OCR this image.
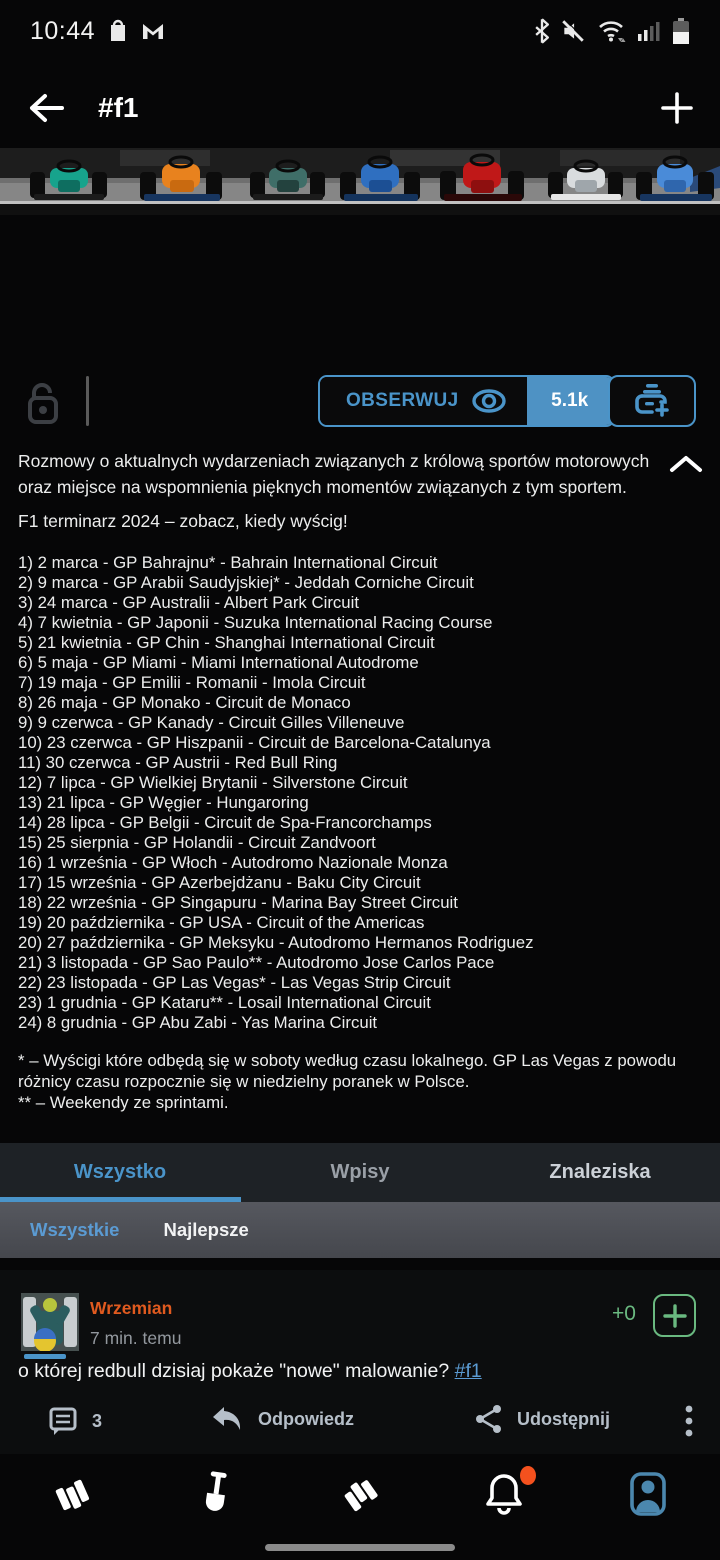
10:44
#f1
OBSERWUJ	5.1k
Rozmowy o aktualnych wydarzeniach związanych z królową sportów motorowych oraz miejsce na wspomnienia pięknych momentów związanych z tym sportem.
F1 terminarz 2024 – zobacz, kiedy wyścig!
1) 2 marca - GP Bahrajnu* - Bahrain International Circuit
2) 9 marca - GP Arabii Saudyjskiej* - Jeddah Corniche Circuit
3) 24 marca - GP Australii - Albert Park Circuit
4) 7 kwietnia - GP Japonii - Suzuka International Racing Course
5) 21 kwietnia - GP Chin - Shanghai International Circuit
6) 5 maja - GP Miami - Miami International Autodrome
7) 19 maja - GP Emilii - Romanii - Imola Circuit
8) 26 maja - GP Monako - Circuit de Monaco
9) 9 czerwca - GP Kanady - Circuit Gilles Villeneuve
10) 23 czerwca - GP Hiszpanii - Circuit de Barcelona-Catalunya
11) 30 czerwca - GP Austrii - Red Bull Ring
12) 7 lipca - GP Wielkiej Brytanii - Silverstone Circuit
13) 21 lipca - GP Węgier - Hungaroring
14) 28 lipca - GP Belgii - Circuit de Spa-Francorchamps
15) 25 sierpnia - GP Holandii - Circuit Zandvoort
16) 1 września - GP Włoch - Autodromo Nazionale Monza
17) 15 września - GP Azerbejdżanu - Baku City Circuit
18) 22 września - GP Singapuru - Marina Bay Street Circuit
19) 20 października - GP USA - Circuit of the Americas
20) 27 października - GP Meksyku - Autodromo Hermanos Rodriguez
21) 3 listopada - GP Sao Paulo** - Autodromo Jose Carlos Pace
22) 23 listopada - GP Las Vegas* - Las Vegas Strip Circuit
23) 1 grudnia - GP Kataru** - Losail International Circuit
24) 8 grudnia - GP Abu Zabi - Yas Marina Circuit
* – Wyścigi które odbędą się w soboty według czasu lokalnego. GP Las Vegas z powodu różnicy czasu rozpocznie się w niedzielny poranek w Polsce.
** – Weekendy ze sprintami.
Wszystko	Wpisy	Znaleziska
Wszystkie Najlepsze
Wrzemian
7 min. temu
+0
o której redbull dzisiaj pokaże "nowe" malowanie? #f1
3	Odpowiedz	Udostępnij
